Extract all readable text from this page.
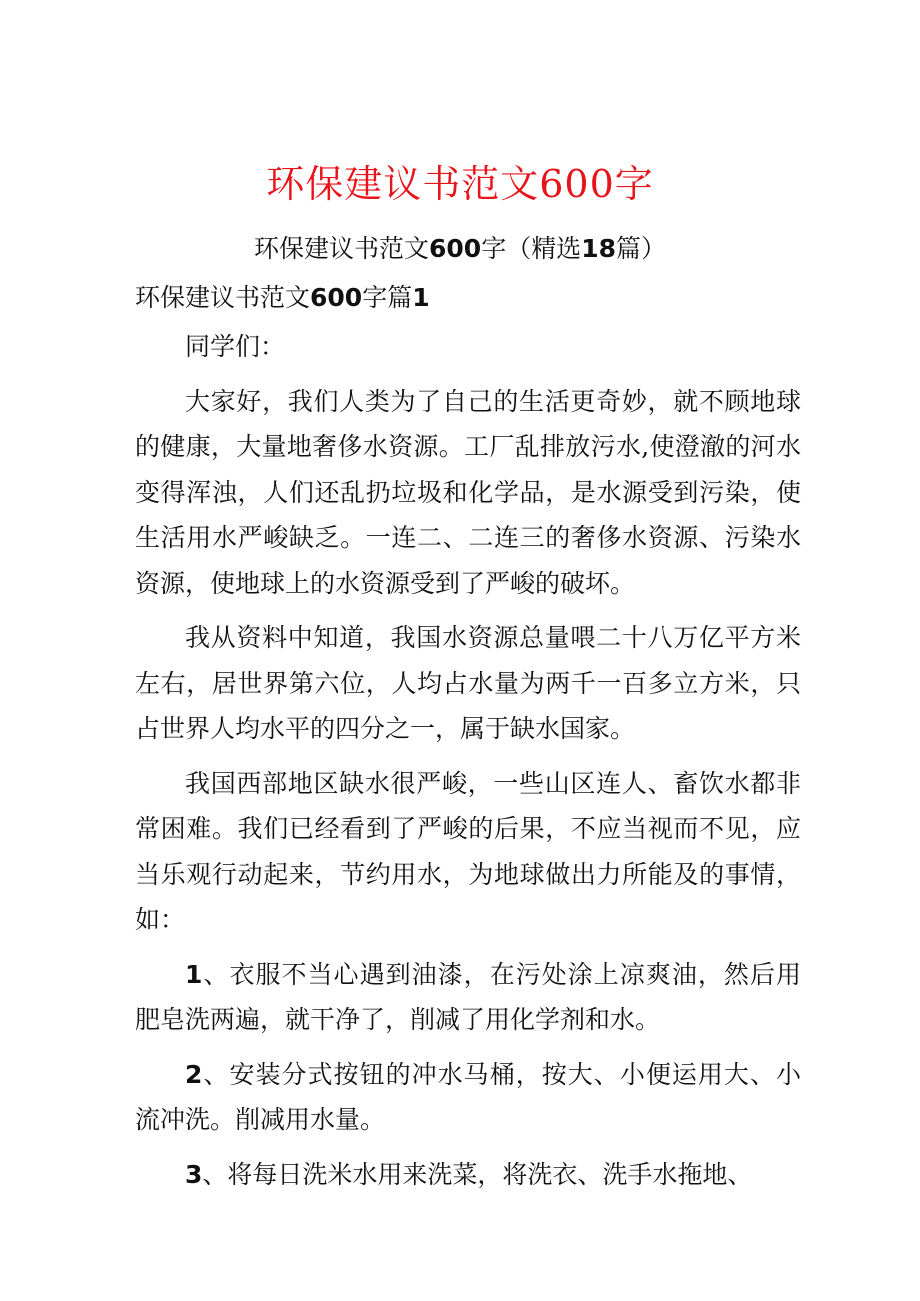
环保建议书范文600字
环保建议书范文600字（精选18篇）
环保建议书范文600字篇1

同学们：

大家好，我们人类为了自己的生活更奇妙，就不顾地球的健康，大量地奢侈水资源。工厂乱排放污水,使澄澈的河水变得浑浊，人们还乱扔垃圾和化学品，是水源受到污染，使生活用水严峻缺乏。一连二、二连三的奢侈水资源、污染水资源，使地球上的水资源受到了严峻的破坏。

我从资料中知道，我国水资源总量喂二十八万亿平方米左右，居世界第六位，人均占水量为两千一百多立方米，只占世界人均水平的四分之一，属于缺水国家。

我国西部地区缺水很严峻，一些山区连人、畜饮水都非常困难。我们已经看到了严峻的后果，不应当视而不见，应当乐观行动起来，节约用水，为地球做出力所能及的事情，如：

1、衣服不当心遇到油漆，在污处涂上凉爽油，然后用肥皂洗两遍，就干净了，削减了用化学剂和水。

2、安装分式按钮的冲水马桶，按大、小便运用大、小流冲洗。削减用水量。

3、将每日洗米水用来洗菜，将洗衣、洗手水拖地、
